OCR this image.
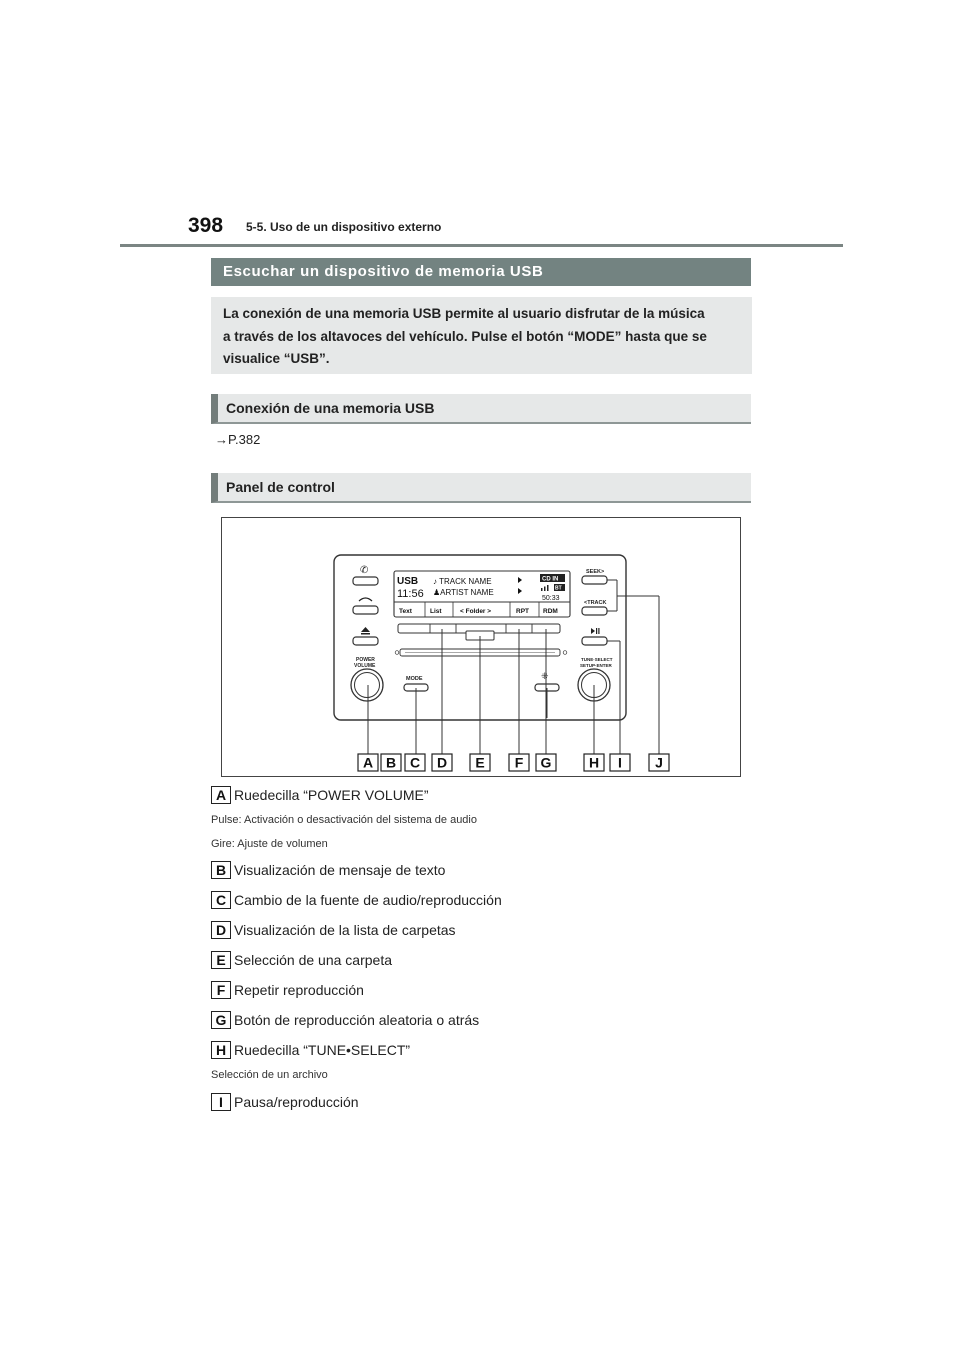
398 5-5. Uso de un dispositivo externo
Escuchar un dispositivo de memoria USB
La conexión de una memoria USB permite al usuario disfrutar de la música
a través de los altavoces del vehículo. Pulse el botón “MODE” hasta que se
visualice “USB”.
Conexión de una memoria USB
→P.382
Panel de control
USB
11:56
♪ TRACK NAME
♟ARTIST NAME
CD IN
BT
50:33
Text	List	< Folder >	RPT RDM
✆
POWER
VOLUME
MODE	⁜
SEEK>
<TRACK
TUNE·SELECT
SETUP·ENTER
A B C D E F G	H I J
A Ruedecilla “POWER VOLUME”
Pulse: Activación o desactivación del sistema de audio
Gire: Ajuste de volumen
B Visualización de mensaje de texto
C Cambio de la fuente de audio/reproducción
D Visualización de la lista de carpetas
E Selección de una carpeta
F Repetir reproducción
G Botón de reproducción aleatoria o atrás
H Ruedecilla “TUNE•SELECT”
Selección de un archivo
I Pausa/reproducción
